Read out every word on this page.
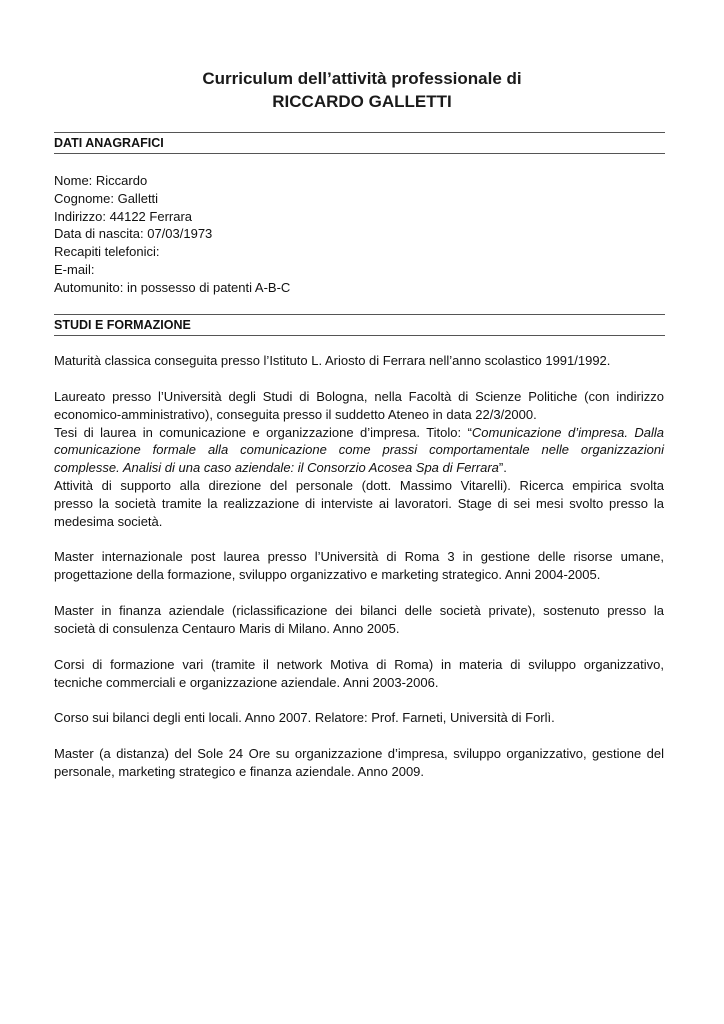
Curriculum dell’attività professionale di
RICCARDO GALLETTI
DATI ANAGRAFICI
Nome: Riccardo
Cognome: Galletti
Indirizzo: 44122 Ferrara
Data di nascita: 07/03/1973
Recapiti telefonici:
E-mail:
Automunito: in possesso di patenti A-B-C
STUDI E FORMAZIONE
Maturità classica conseguita presso l’Istituto L. Ariosto di Ferrara nell’anno scolastico 1991/1992.
Laureato presso l’Università degli Studi di Bologna, nella Facoltà di Scienze Politiche (con indirizzo
economico-amministrativo), conseguita presso il suddetto Ateneo in data 22/3/2000.
Tesi di laurea in comunicazione e organizzazione d’impresa. Titolo: “Comunicazione d’impresa. Dalla
comunicazione formale alla comunicazione come prassi comportamentale nelle organizzazioni
complesse. Analisi di una caso aziendale: il Consorzio Acosea Spa di Ferrara”.
Attività di supporto alla direzione del personale (dott. Massimo Vitarelli). Ricerca empirica svolta
presso la società tramite la realizzazione di interviste ai lavoratori. Stage di sei mesi svolto presso la
medesima società.
Master internazionale post laurea presso l’Università di Roma 3 in gestione delle risorse umane,
progettazione della formazione, sviluppo organizzativo e marketing strategico. Anni 2004-2005.
Master in finanza aziendale (riclassificazione dei bilanci delle società private), sostenuto presso la
società di consulenza Centauro Maris di Milano. Anno 2005.
Corsi di formazione vari (tramite il network Motiva di Roma) in materia di sviluppo organizzativo,
tecniche commerciali e organizzazione aziendale. Anni 2003-2006.
Corso sui bilanci degli enti locali. Anno 2007. Relatore: Prof. Farneti, Università di Forlì.
Master (a distanza) del Sole 24 Ore su organizzazione d’impresa, sviluppo organizzativo, gestione del
personale, marketing strategico e finanza aziendale. Anno 2009.
